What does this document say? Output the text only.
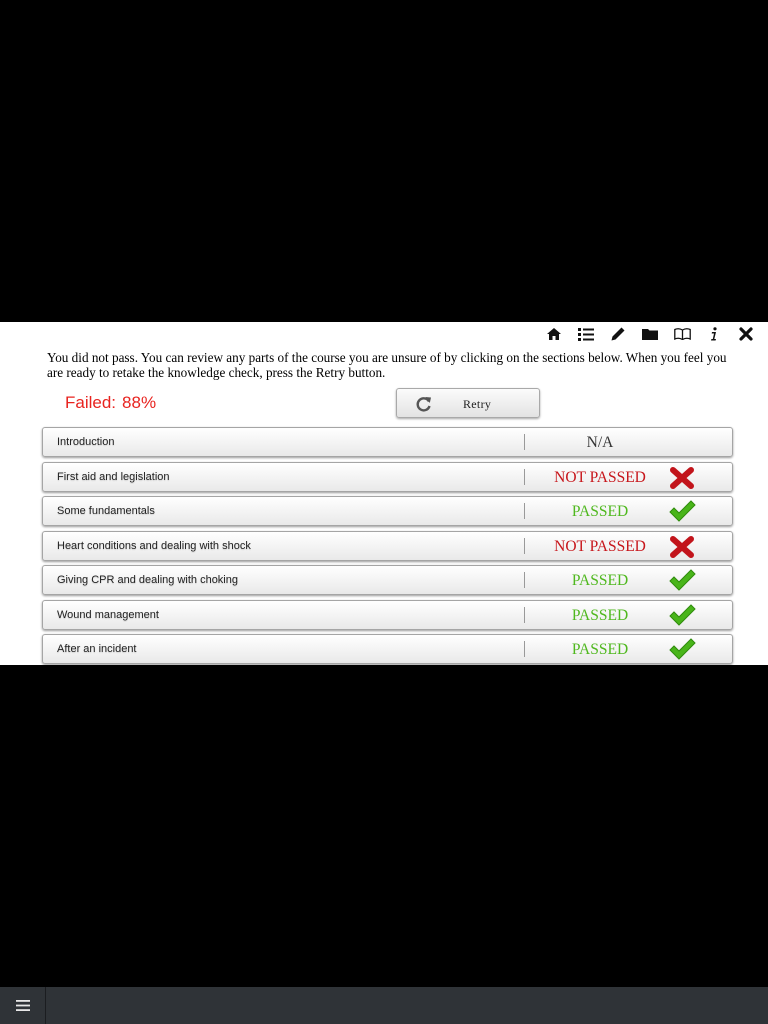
You did not pass. You can review any parts of the course you are unsure of by clicking on the sections below. When you feel you are ready to retake the knowledge check, press the Retry button.

Failed: 88%	Retry
Introduction	N/A
First aid and legislation	NOT PASSED
Some fundamentals	PASSED
Heart conditions and dealing with shock	NOT PASSED
Giving CPR and dealing with choking	PASSED
Wound management	PASSED
After an incident	PASSED
